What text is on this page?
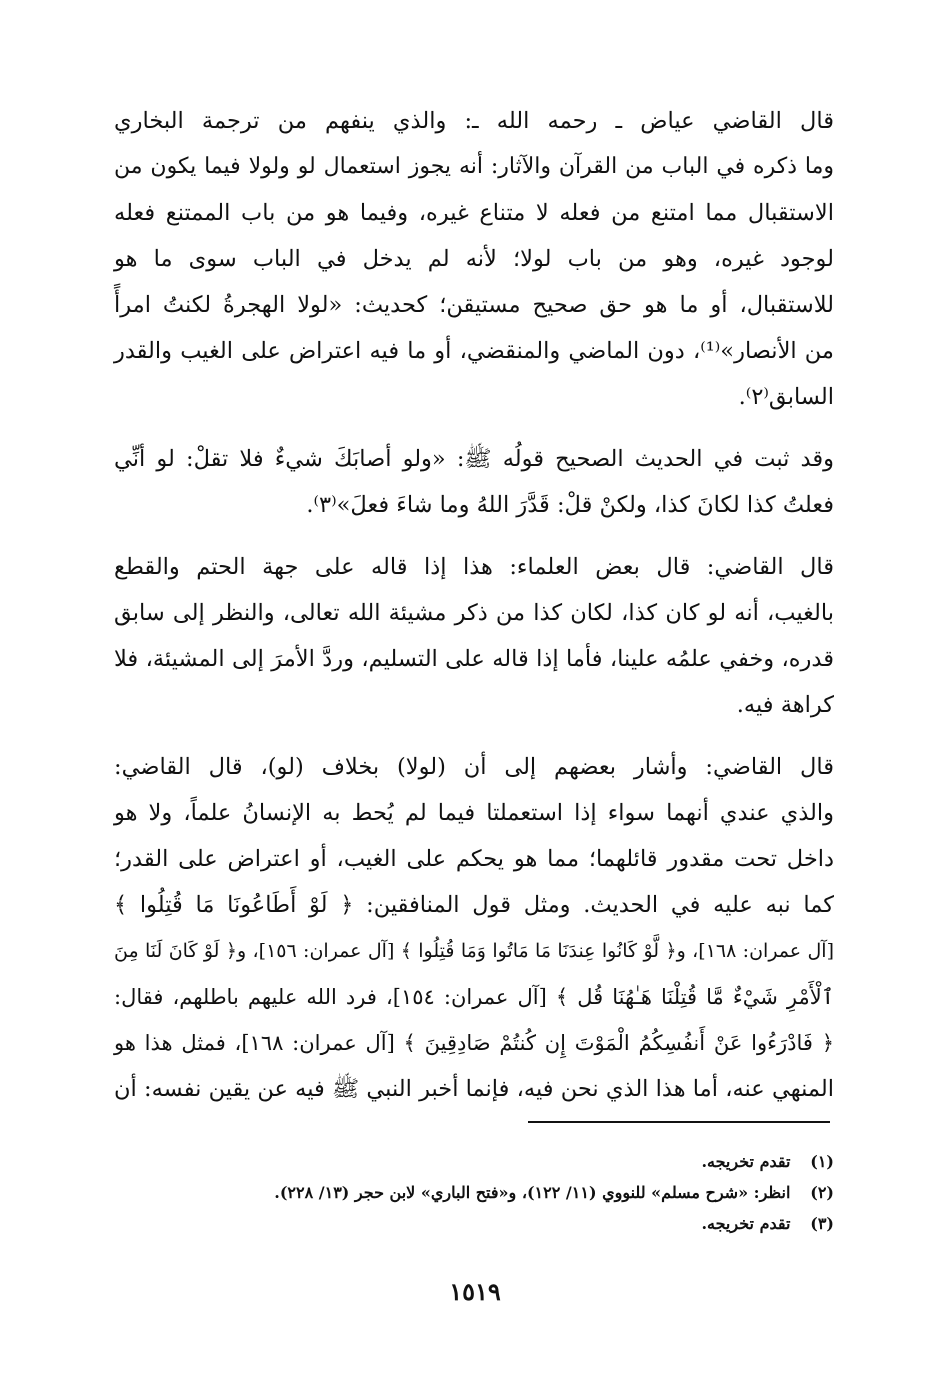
قال القاضي عياض ـ رحمه الله ـ: والذي ينفهم من ترجمة البخاري
وما ذكره في الباب من القرآن والآثار: أنه يجوز استعمال لو ولولا فيما يكون من
الاستقبال مما امتنع من فعله لا متناع غيره، وفيما هو من باب الممتنع فعله
لوجود غيره، وهو من باب لولا؛ لأنه لم يدخل في الباب سوى ما هو
للاستقبال، أو ما هو حق صحيح مستيقن؛ كحديث: «لولا الهجرةُ لكنتُ امرأً
من الأنصار»⁽¹⁾، دون الماضي والمنقضي، أو ما فيه اعتراض على الغيب والقدر
السابق⁽٢⁾.
وقد ثبت في الحديث الصحيح قولُه ﷺ: «ولو أصابَكَ شيءٌ فلا تقلْ: لو أنِّي
فعلتُ كذا لكانَ كذا، ولكنْ قلْ: قَدَّرَ اللهُ وما شاءَ فعلَ»⁽٣⁾.
قال القاضي: قال بعض العلماء: هذا إذا قاله على جهة الحتم والقطع
بالغيب، أنه لو كان كذا، لكان كذا من ذكر مشيئة الله تعالى، والنظر إلى سابق
قدره، وخفي علمُه علينا، فأما إذا قاله على التسليم، وردَّ الأمرَ إلى المشيئة، فلا
كراهة فيه.
قال القاضي: وأشار بعضهم إلى أن (لولا) بخلاف (لو)، قال القاضي:
والذي عندي أنهما سواء إذا استعملتا فيما لم يُحط به الإنسانُ علماً، ولا هو
داخل تحت مقدور قائلهما؛ مما هو يحكم على الغيب، أو اعتراض على القدر؛
كما نبه عليه في الحديث. ومثل قول المنافقين: ﴿ لَوْ أَطَاعُونَا مَا قُتِلُوا ﴾
[آل عمران: ١٦٨]، و﴿ لَّوْ كَانُوا عِندَنَا مَا مَاتُوا وَمَا قُتِلُوا ﴾ [آل عمران: ١٥٦]، و﴿ لَوْ كَانَ لَنَا مِنَ
ٱلْأَمْرِ شَيْءٌ مَّا قُتِلْنَا هَـٰهُنَا قُل ﴾ [آل عمران: ١٥٤]، فرد الله عليهم باطلهم، فقال:
﴿ فَادْرَءُوا عَنْ أَنفُسِكُمُ الْمَوْتَ إِن كُنتُمْ صَادِقِينَ ﴾ [آل عمران: ١٦٨]، فمثل هذا هو
المنهي عنه، أما هذا الذي نحن فيه، فإنما أخبر النبي ﷺ فيه عن يقين نفسه: أن
(١) تقدم تخريجه.
(٢) انظر: «شرح مسلم» للنووي (١١/ ١٢٢)، و«فتح الباري» لابن حجر (١٣/ ٢٢٨).
(٣) تقدم تخريجه.
١٥١٩
